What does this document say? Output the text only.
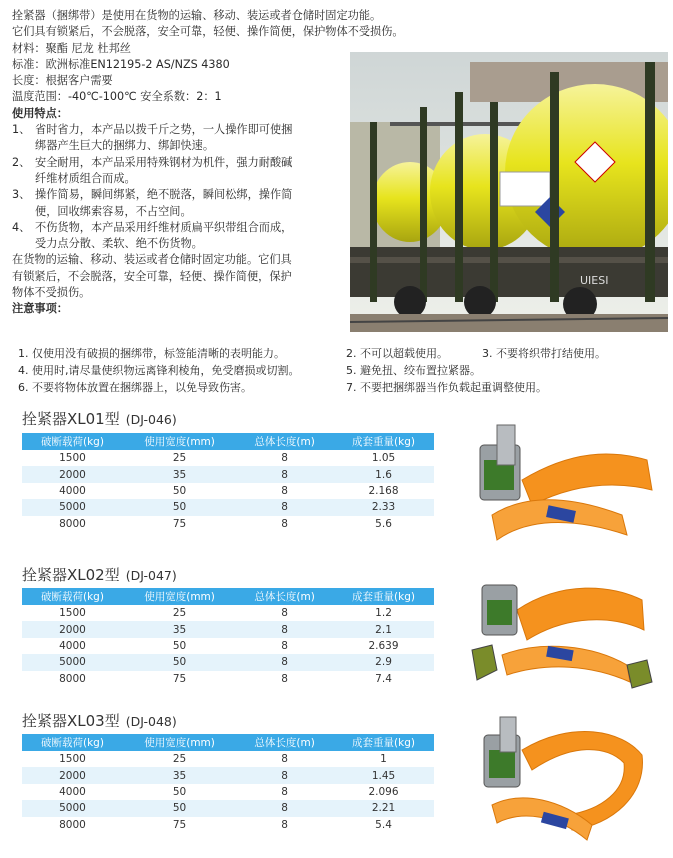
拴紧器（捆绑带）是使用在货物的运输、移动、装运或者仓储时固定功能。

它们具有锁紧后，不会脱落，安全可靠，轻便、操作简便，保护物体不受损伤。

材料：聚酯 尼龙 杜邦丝

标准：欧洲标准EN12195-2 AS/NZS 4380

长度：根据客户需要

温度范围：-40℃-100℃ 安全系数：2：1

使用特点：

1、 省时省力，本产品以拨千斤之势，一人操作即可使捆

绑器产生巨大的捆绑力、绑卸快速。

2、 安全耐用，本产品采用特殊钢材为机件，强力耐酸碱

纤维材质组合而成。

3、 操作简易，瞬间绑紧，绝不脱落，瞬间松绑，操作简

便，回收绑索容易，不占空间。

4、 不伤货物，本产品采用纤维材质扁平织带组合而成，

受力点分散、柔软、绝不伤货物。

在货物的运输、移动、装运或者仓储时固定功能。它们具

有锁紧后，不会脱落，安全可靠，轻便、操作简便，保护

物体不受损伤。

注意事项：

UIESI
1. 仅使用没有破损的捆绑带，标签能清晰的表明能力。	2. 不可以超载使用。	3. 不要将织带打结使用。
4. 使用时,请尽量使织物远离锋利棱角，免受磨损或切割。	5. 避免扭、绞布置拉紧器。
6. 不要将物体放置在捆绑器上，以免导致伤害。	7. 不要把捆绑器当作负载起重调整使用。
拴紧器XL01型 (DJ-046)
破断载荷(kg)	使用宽度(mm)	总体长度(m)	成套重量(kg)
1500	25	8	1.05
2000	35	8	1.6
4000	50	8	2.168
5000	50	8	2.33
8000	75	8	5.6
拴紧器XL02型 (DJ-047)
破断载荷(kg)	使用宽度(mm)	总体长度(m)	成套重量(kg)
1500	25	8	1.2
2000	35	8	2.1
4000	50	8	2.639
5000	50	8	2.9
8000	75	8	7.4
拴紧器XL03型 (DJ-048)
破断载荷(kg)	使用宽度(mm)	总体长度(m)	成套重量(kg)
1500	25	8	1
2000	35	8	1.45
4000	50	8	2.096
5000	50	8	2.21
8000	75	8	5.4
